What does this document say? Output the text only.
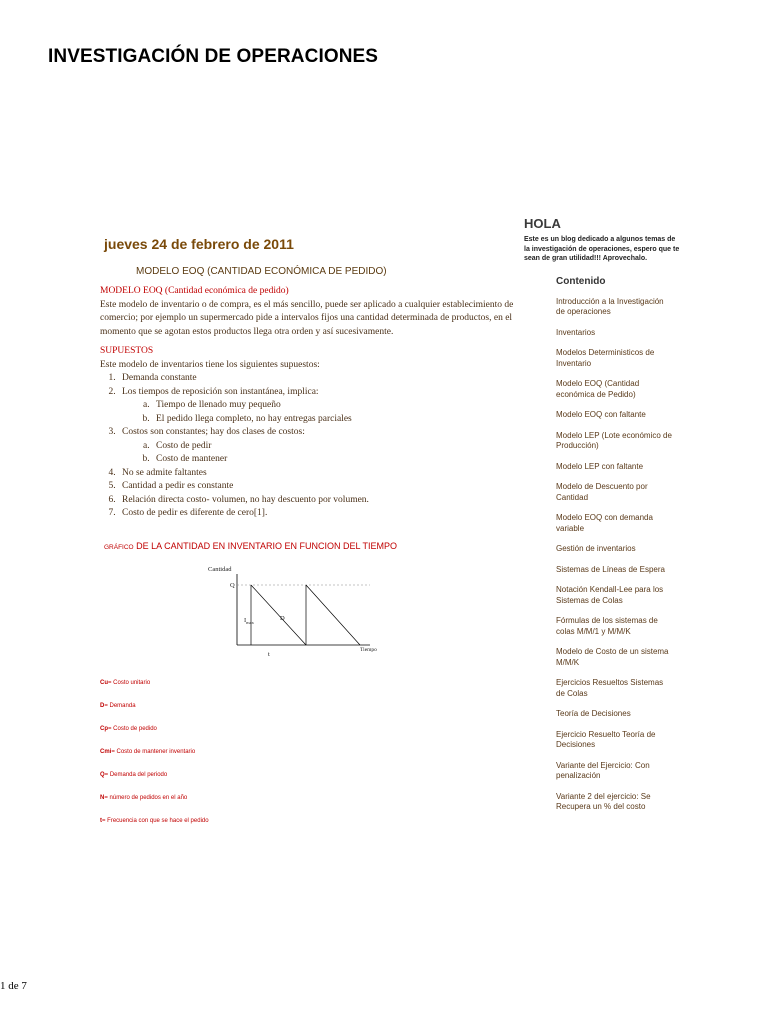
INVESTIGACIÓN DE OPERACIONES
jueves 24 de febrero de 2011
MODELO EOQ (CANTIDAD ECONÓMICA DE PEDIDO)
MODELO EOQ (Cantidad económica de pedido)
Este modelo de inventario o de compra, es el más sencillo, puede ser aplicado a cualquier establecimiento de comercio; por ejemplo un supermercado pide a intervalos fijos una cantidad determinada de productos, en el momento que se agotan estos productos llega otra orden y así sucesivamente.
SUPUESTOS
Este modelo de inventarios tiene los siguientes supuestos:
1. Demanda constante
2. Los tiempos de reposición son instantánea, implica:
a. Tiempo de llenado muy pequeño
b. El pedido llega completo, no hay entregas parciales
3. Costos son constantes; hay dos clases de costos:
a. Costo de pedir
b. Costo de mantener
4. No se admite faltantes
5. Cantidad a pedir es constante
6. Relación directa costo- volumen, no hay descuento por volumen.
7. Costo de pedir es diferente de cero[1].
GRÁFICO DE LA CANTIDAD EN INVENTARIO EN FUNCION DEL TIEMPO
Cantidad
Q
$I_{max}$
D
t
Tiempo
Cu= Costo unitario
D= Demanda
Cp= Costo de pedido
Cmi= Costo de mantener inventario
Q= Demanda del periodo
N= número de pedidos en el año
t= Frecuencia con que se hace el pedido
HOLA
Este es un blog dedicado a algunos temas de la investigación de operaciones, espero que te sean de gran utilidad!!! Aprovechalo.
Contenido
Introducción a la Investigación de operaciones
Inventarios
Modelos Deterministicos de Inventario
Modelo EOQ (Cantidad económica de Pedido)
Modelo EOQ con faltante
Modelo LEP (Lote económico de Producción)
Modelo LEP con faltante
Modelo de Descuento por Cantidad
Modelo EOQ con demanda variable
Gestión de inventarios
Sistemas de Líneas de Espera
Notación Kendall-Lee para los Sistemas de Colas
Fórmulas de los sistemas de colas M/M/1 y M/M/K
Modelo de Costo de un sistema M/M/K
Ejercicios Resueltos Sistemas de Colas
Teoría de Decisiones
Ejercicio Resuelto Teoría de Decisiones
Variante del Ejercicio: Con penalización
Variante 2 del ejercicio: Se Recupera un % del costo
1 de 7
